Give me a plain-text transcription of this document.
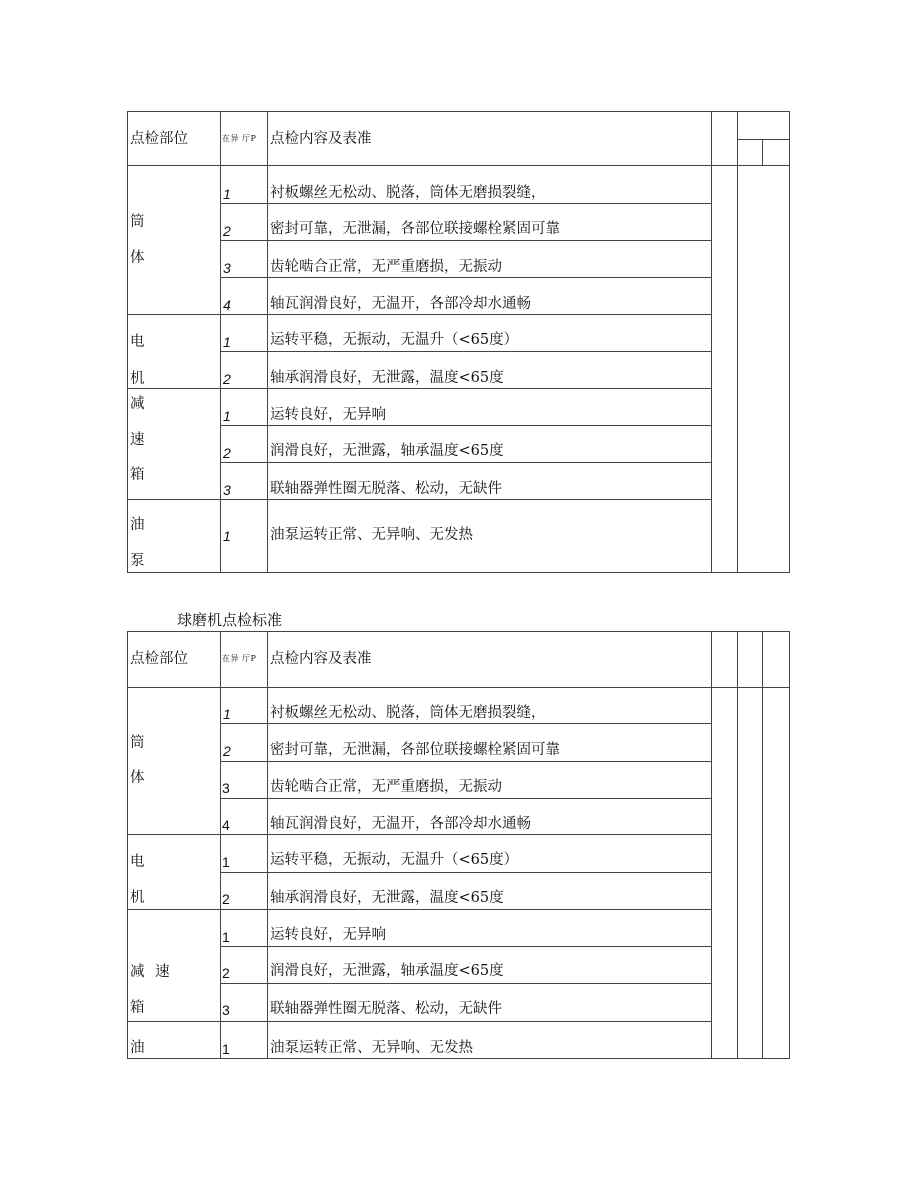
点检部位	在异 厅P 点检内容及表准
筒
体
1	衬板螺丝无松动、脱落，筒体无磨损裂缝，
2	密封可靠，无泄漏，各部位联接螺栓紧固可靠
3	齿轮啮合正常，无严重磨损，无振动
4	轴瓦润滑良好，无温开，各部冷却水通畅
电
机
1	运转平稳，无振动，无温升（<65度）
2	轴承润滑良好，无泄露，温度<65度
减
速
箱
1	运转良好，无异响
2	润滑良好，无泄露，轴承温度<65度
3	联轴器弹性圈无脱落、松动，无缺件
油
泵
1	油泵运转正常、无异响、无发热
球磨机点检标准
点检部位	在异 厅P 点检内容及表准
筒
体
1	衬板螺丝无松动、脱落，筒体无磨损裂缝，
2	密封可靠，无泄漏，各部位联接螺栓紧固可靠
3	齿轮啮合正常，无严重磨损，无振动
4	轴瓦润滑良好，无温开，各部冷却水通畅
电
机
1	运转平稳，无振动，无温升（<65度）
2	轴承润滑良好，无泄露，温度<65度
减 速
箱
1	运转良好，无异响
2	润滑良好，无泄露，轴承温度<65度
3	联轴器弹性圈无脱落、松动，无缺件
油	1	油泵运转正常、无异响、无发热
